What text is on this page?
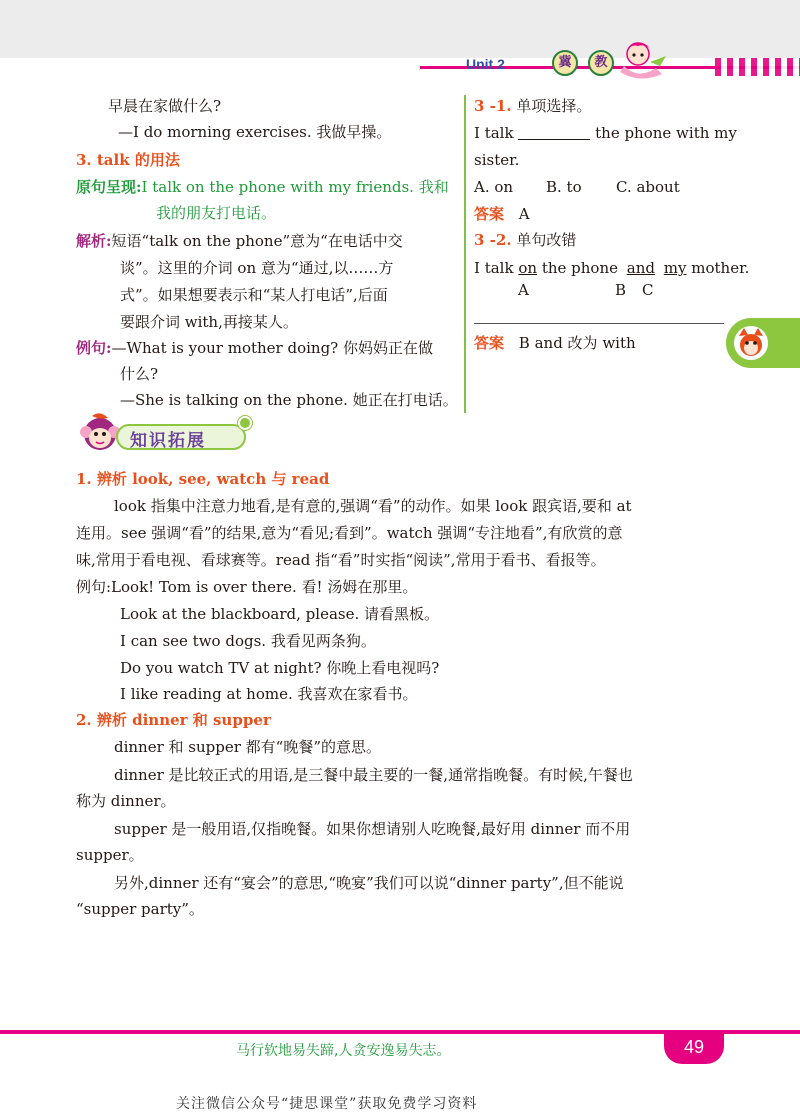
Unit 2	冀	教
早晨在家做什么?
—I do morning exercises. 我做早操。
3. talk 的用法
原句呈现:I talk on the phone with my friends. 我和
我的朋友打电话。
解析:短语“talk on the phone”意为“在电话中交
谈”。这里的介词 on 意为“通过,以……方
式”。如果想要表示和“某人打电话”,后面
要跟介词 with,再接某人。
例句:—What is your mother doing? 你妈妈正在做
什么?
—She is talking on the phone. 她正在打电话。
3 -1. 单项选择。
I talk	the phone with my
sister.
A. on B. to C. about
答案 A
3 -2. 单句改错
I talk on the phone and my mother.
A	B C
答案 B and 改为 with
知识拓展
1. 辨析 look, see, watch 与 read
look 指集中注意力地看,是有意的,强调“看”的动作。如果 look 跟宾语,要和 at
连用。see 强调“看”的结果,意为“看见;看到”。watch 强调“专注地看”,有欣赏的意
味,常用于看电视、看球赛等。read 指“看”时实指“阅读”,常用于看书、看报等。
例句:Look! Tom is over there. 看! 汤姆在那里。
Look at the blackboard, please. 请看黑板。
I can see two dogs. 我看见两条狗。
Do you watch TV at night? 你晚上看电视吗?
I like reading at home. 我喜欢在家看书。
2. 辨析 dinner 和 supper
dinner 和 supper 都有“晚餐”的意思。
dinner 是比较正式的用语,是三餐中最主要的一餐,通常指晚餐。有时候,午餐也
称为 dinner。
supper 是一般用语,仅指晚餐。如果你想请别人吃晚餐,最好用 dinner 而不用
supper。
另外,dinner 还有“宴会”的意思,“晚宴”我们可以说“dinner party”,但不能说
“supper party”。
马行软地易失蹄,人贪安逸易失志。	49
关注微信公众号“捷思课堂”获取免费学习资料
